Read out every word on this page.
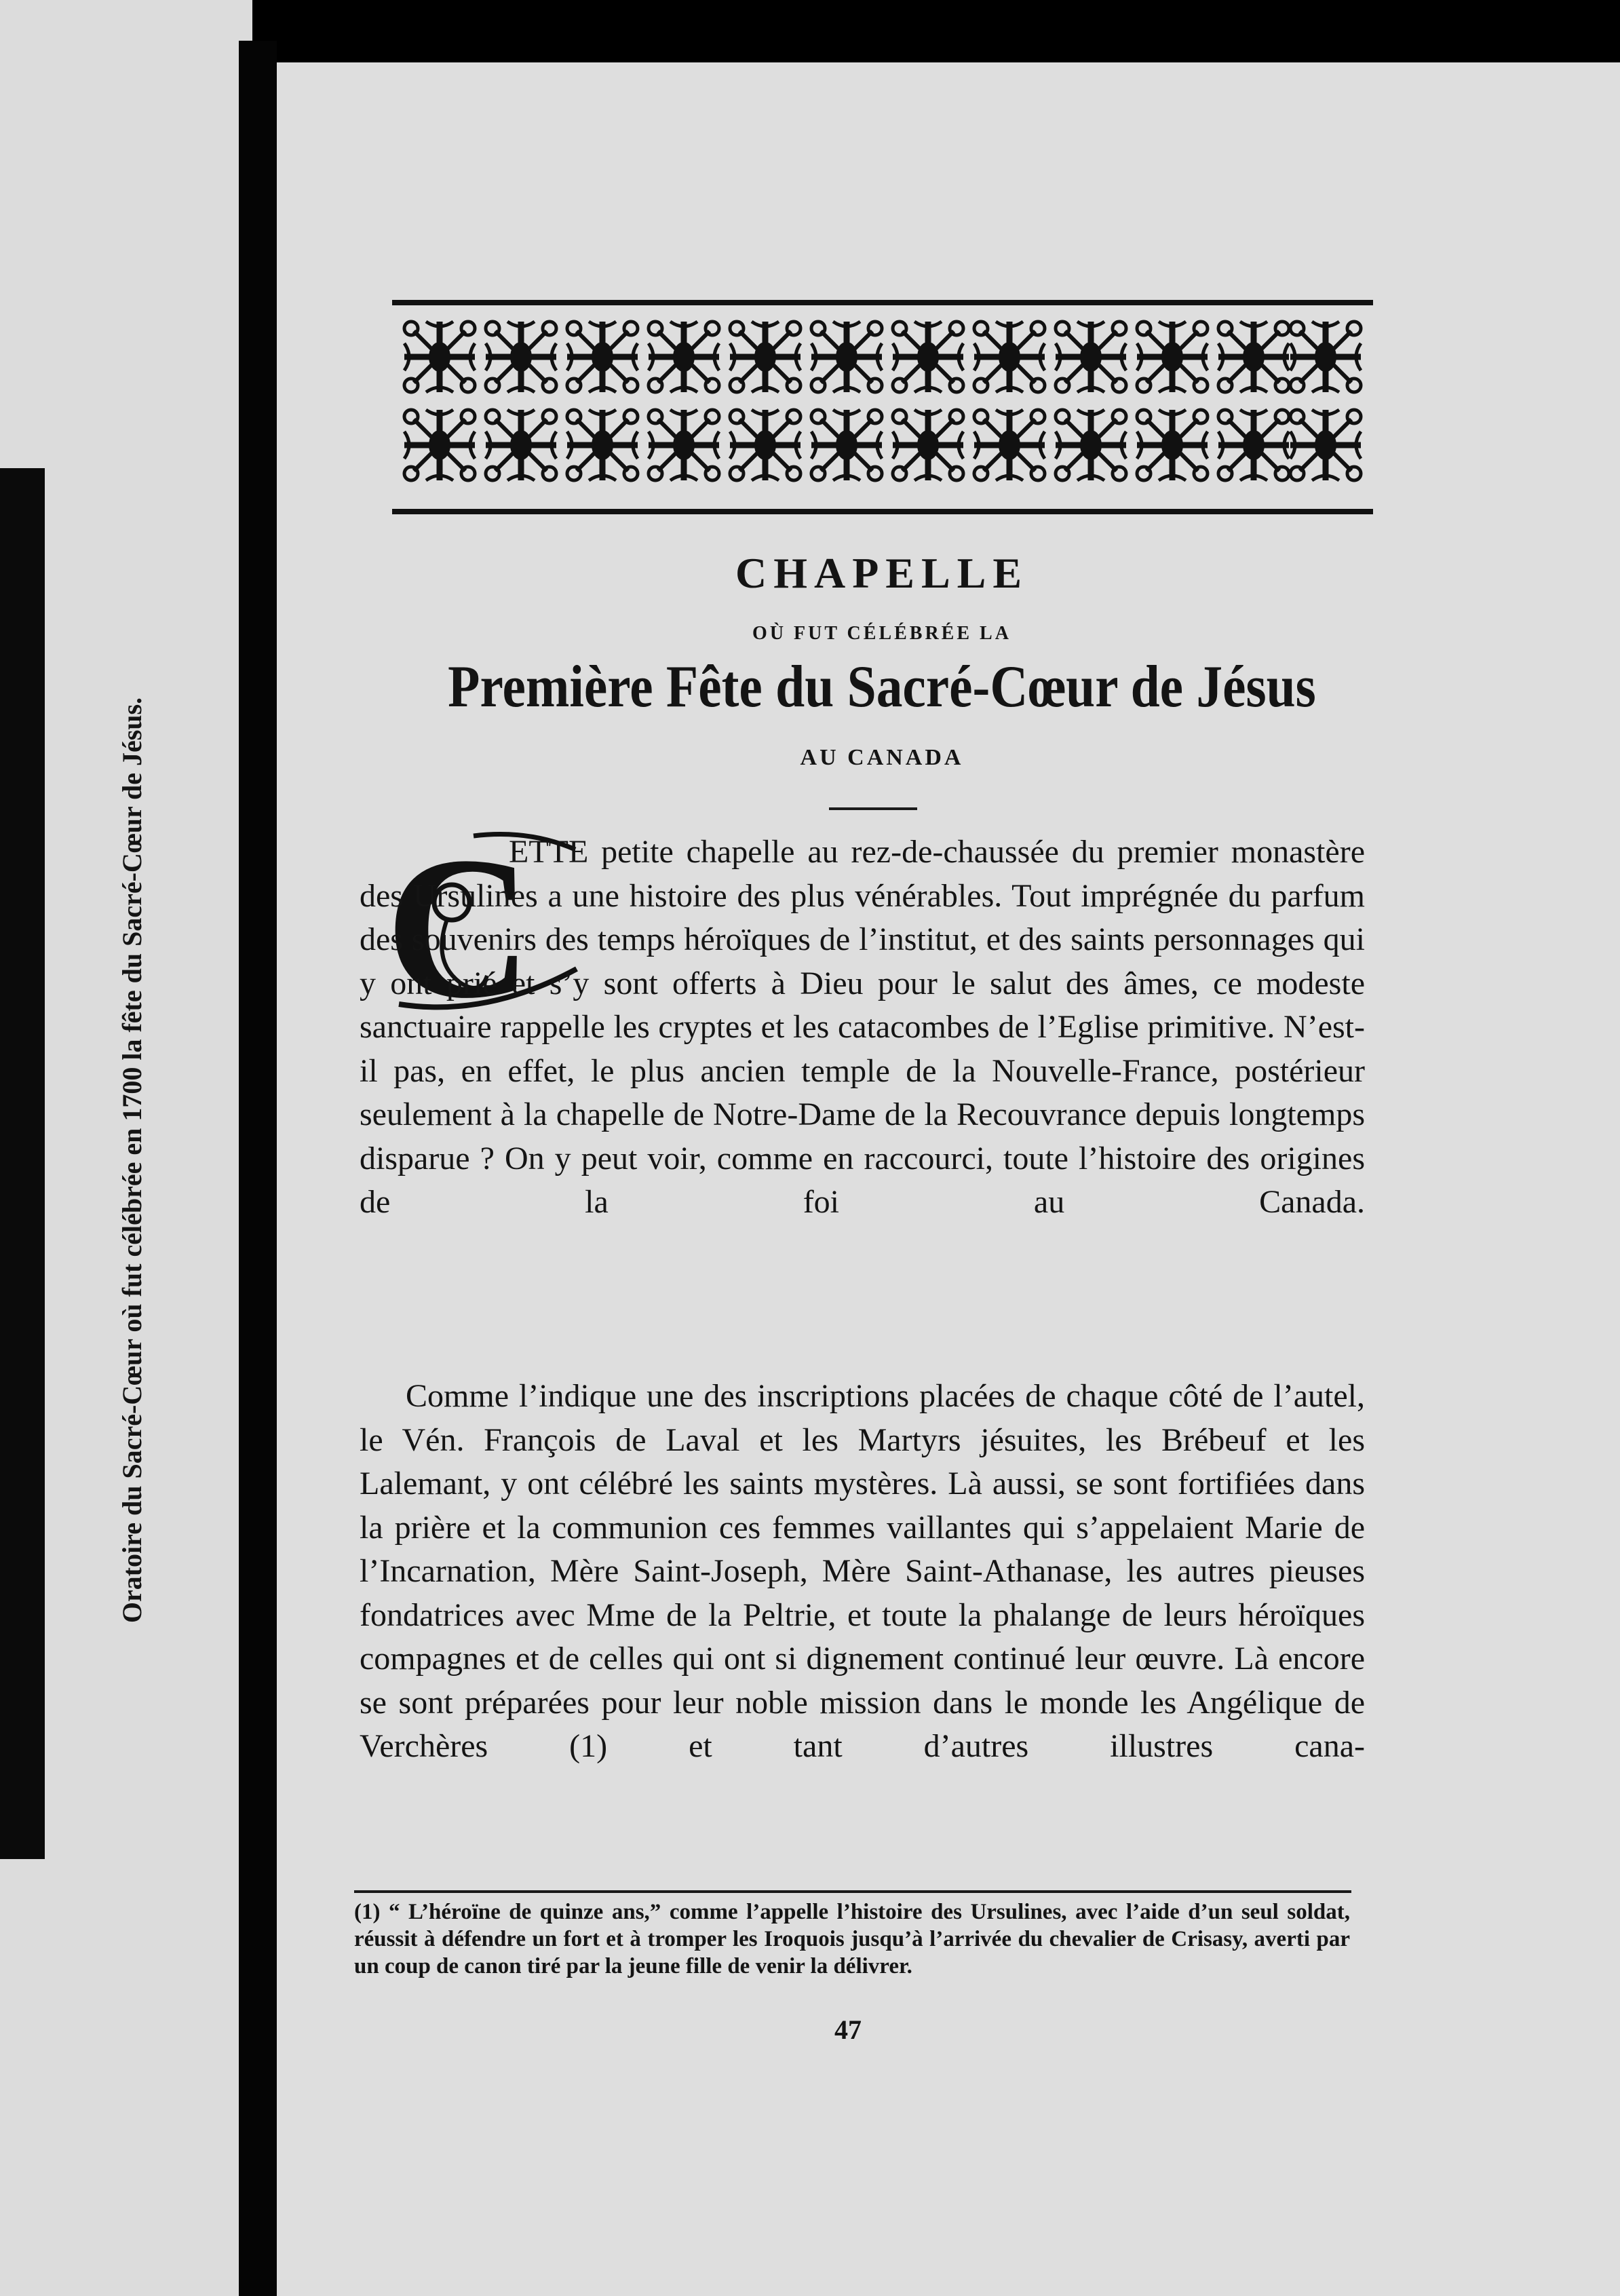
Oratoire du Sacré-Cœur où fut célébrée en 1700 la fête du Sacré-Cœur de Jésus.
CHAPELLE
OÙ FUT CÉLÉBRÉE LA
Première Fête du Sacré-Cœur de Jésus
AU CANADA
C

ETTE petite chapelle au rez-de-chaussée du premier monastère des Ursulines a une histoire des plus vénérables. Tout imprégnée du parfum des souvenirs des temps héroïques de l’institut, et des saints personnages qui y ont prié et s’y sont offerts à Dieu pour le salut des âmes, ce modeste sanctuaire rappelle les cryptes et les catacombes de l’Eglise primitive. N’est-il pas, en effet, le plus ancien temple de la Nouvelle-France, postérieur seulement à la chapelle de Notre-Dame de la Recouvrance depuis longtemps disparue ? On y peut voir, comme en raccourci, toute l’histoire des origines de la foi au Canada.

Comme l’indique une des inscriptions placées de chaque côté de l’autel, le Vén. François de Laval et les Martyrs jésuites, les Brébeuf et les Lalemant, y ont célébré les saints mystères. Là aussi, se sont fortifiées dans la prière et la communion ces femmes vaillantes qui s’appelaient Marie de l’Incarnation, Mère Saint-Joseph, Mère Saint-Athanase, les autres pieuses fondatrices avec Mme de la Peltrie, et toute la phalange de leurs héroïques compagnes et de celles qui ont si dignement continué leur œuvre. Là encore se sont préparées pour leur noble mission dans le monde les Angélique de Verchères (1) et tant d’autres illustres cana-

(1) “ L’héroïne de quinze ans,” comme l’appelle l’histoire des Ursulines, avec l’aide d’un seul soldat, réussit à défendre un fort et à tromper les Iroquois jusqu’à l’arrivée du chevalier de Crisasy, averti par un coup de canon tiré par la jeune fille de venir la délivrer.

47
